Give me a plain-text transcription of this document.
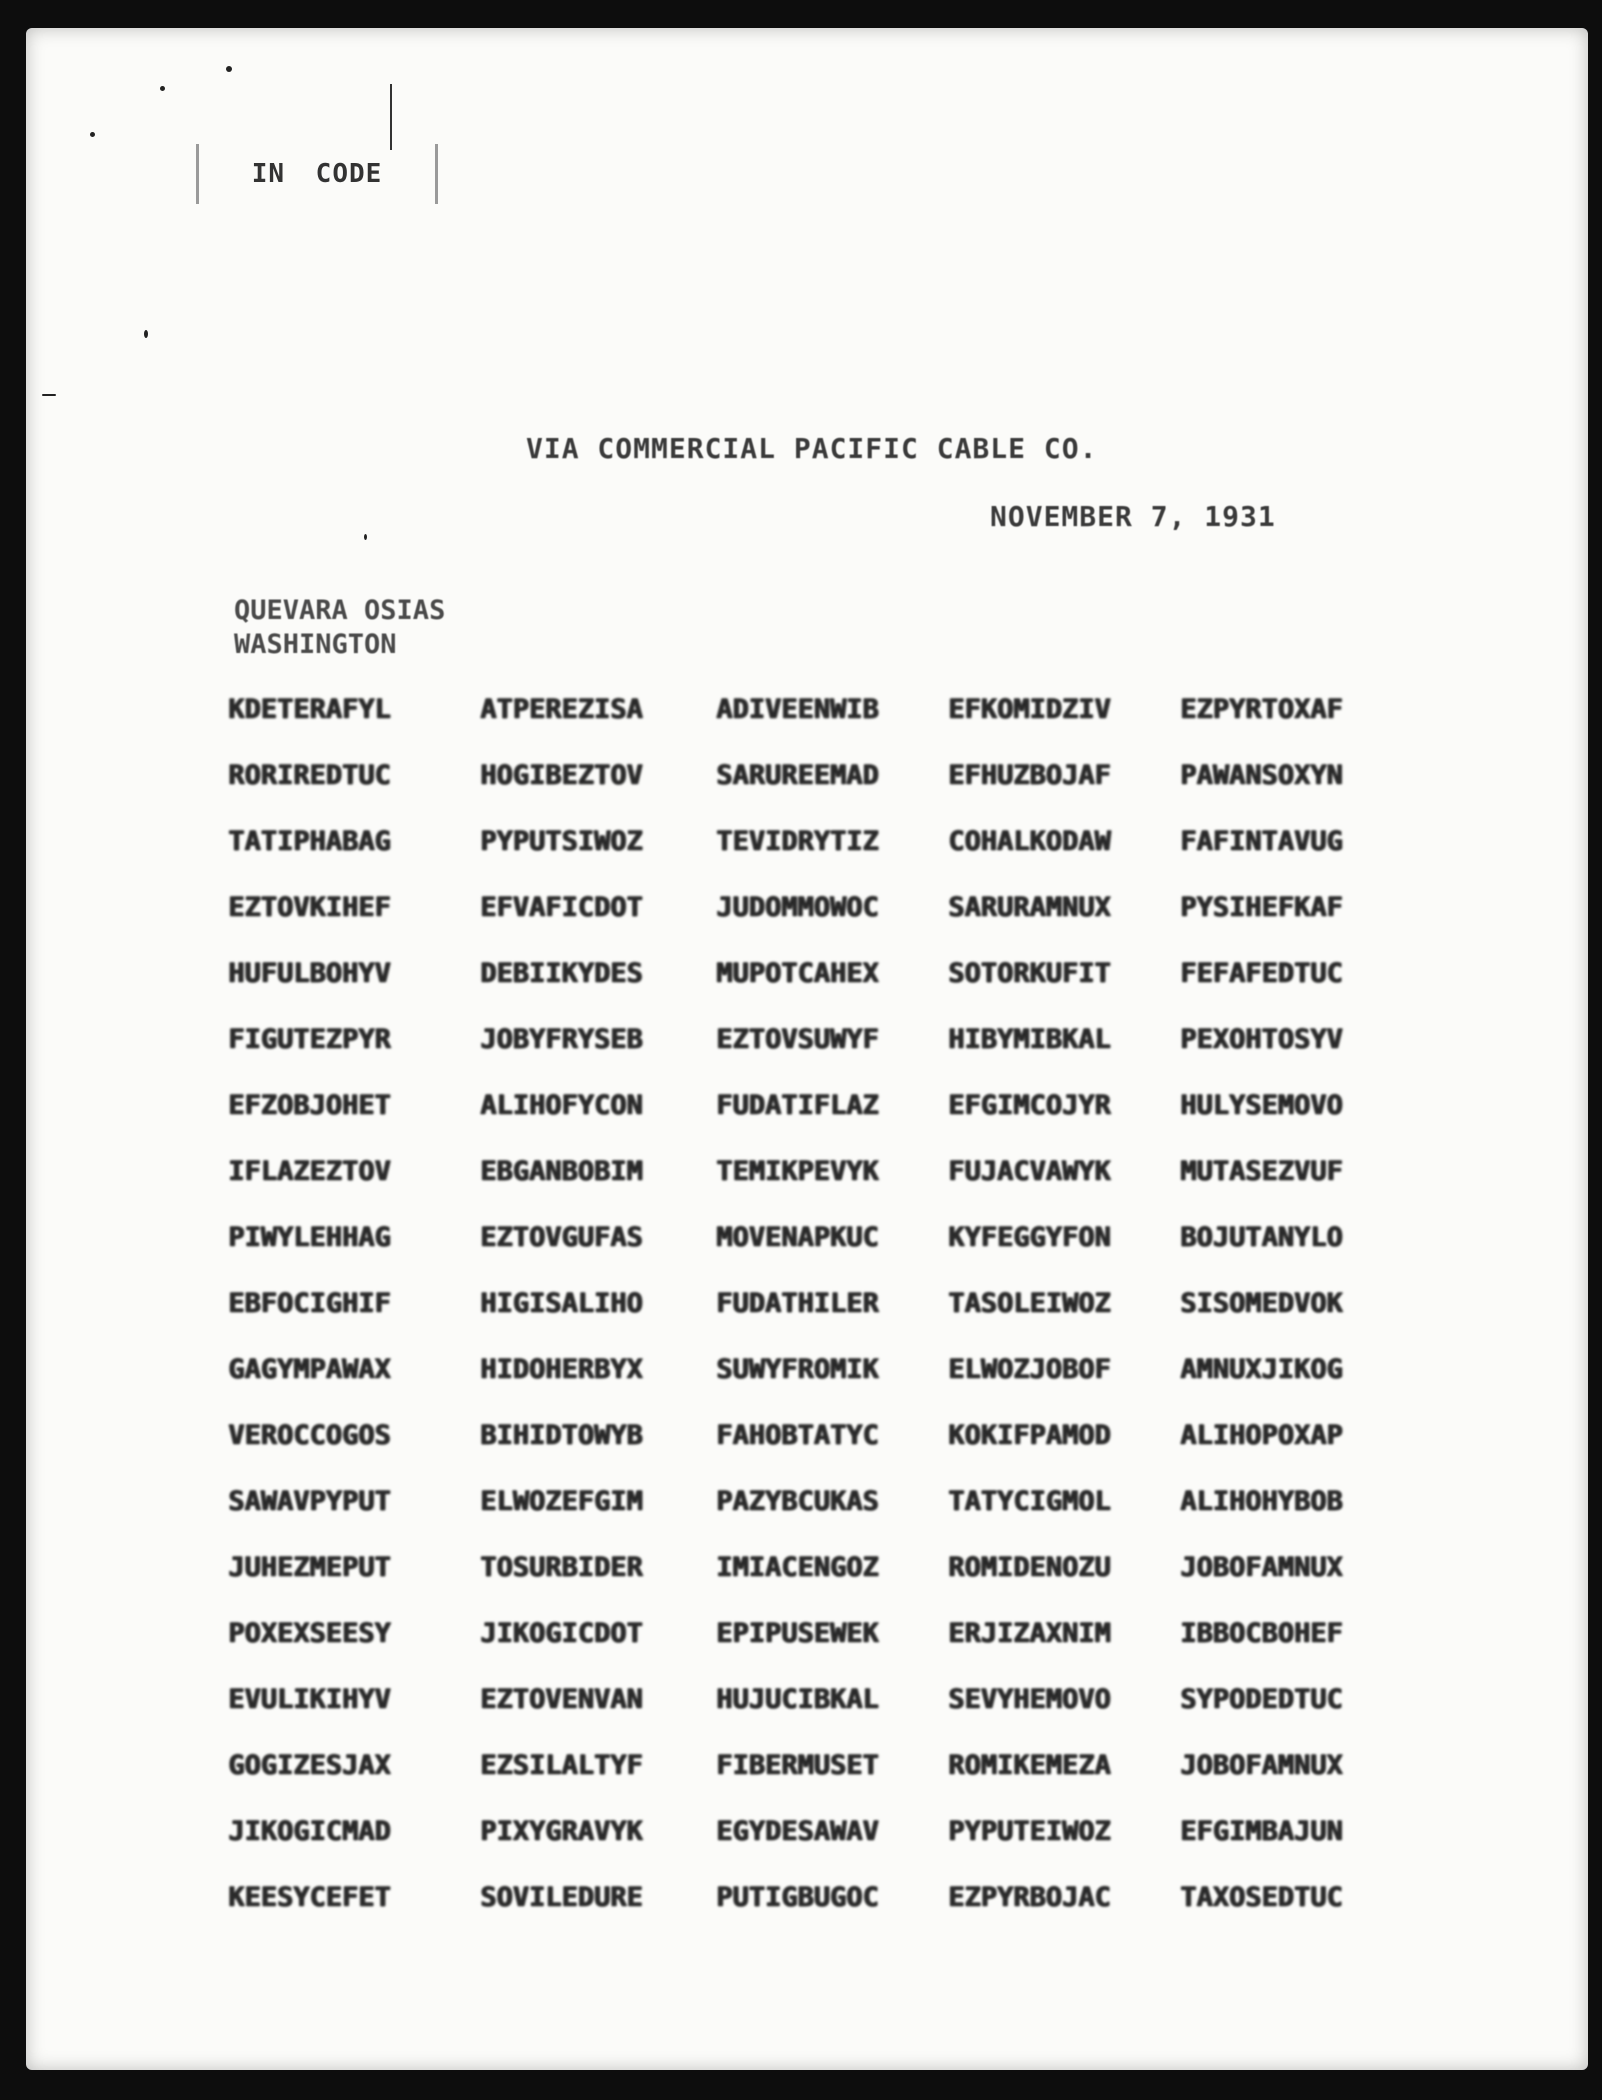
IN CODE
VIA COMMERCIAL PACIFIC CABLE CO.
NOVEMBER 7, 1931
QUEVARA OSIAS
WASHINGTON
KDETERAFYL	ATPEREZISA	ADIVEENWIB	EFKOMIDZIV	EZPYRTOXAF
RORIREDTUC	HOGIBEZTOV	SARUREEMAD	EFHUZBOJAF	PAWANSOXYN
TATIPHABAG	PYPUTSIWOZ	TEVIDRYTIZ	COHALKODAW	FAFINTAVUG
EZTOVKIHEF	EFVAFICDOT	JUDOMMOWOC	SARURAMNUX	PYSIHEFKAF
HUFULBOHYV	DEBIIKYDES	MUPOTCAHEX	SOTORKUFIT	FEFAFEDTUC
FIGUTEZPYR	JOBYFRYSEB	EZTOVSUWYF	HIBYMIBKAL	PEXOHTOSYV
EFZOBJOHET	ALIHOFYCON	FUDATIFLAZ	EFGIMCOJYR	HULYSEMOVO
IFLAZEZTOV	EBGANBOBIM	TEMIKPEVYK	FUJACVAWYK	MUTASEZVUF
PIWYLEHHAG	EZTOVGUFAS	MOVENAPKUC	KYFEGGYFON	BOJUTANYLO
EBFOCIGHIF	HIGISALIHO	FUDATHILER	TASOLEIWOZ	SISOMEDVOK
GAGYMPAWAX	HIDOHERBYX	SUWYFROMIK	ELWOZJOBOF	AMNUXJIKOG
VEROCCOGOS	BIHIDTOWYB	FAHOBTATYC	KOKIFPAMOD	ALIHOPOXAP
SAWAVPYPUT	ELWOZEFGIM	PAZYBCUKAS	TATYCIGMOL	ALIHOHYBOB
JUHEZMEPUT	TOSURBIDER	IMIACENGOZ	ROMIDENOZU	JOBOFAMNUX
POXEXSEESY	JIKOGICDOT	EPIPUSEWEK	ERJIZAXNIM	IBBOCBOHEF
EVULIKIHYV	EZTOVENVAN	HUJUCIBKAL	SEVYHEMOVO	SYPODEDTUC
GOGIZESJAX	EZSILALTYF	FIBERMUSET	ROMIKEMEZA	JOBOFAMNUX
JIKOGICMAD	PIXYGRAVYK	EGYDESAWAV	PYPUTEIWOZ	EFGIMBAJUN
KEESYCEFET	SOVILEDURE	PUTIGBUGOC	EZPYRBOJAC	TAXOSEDTUC
